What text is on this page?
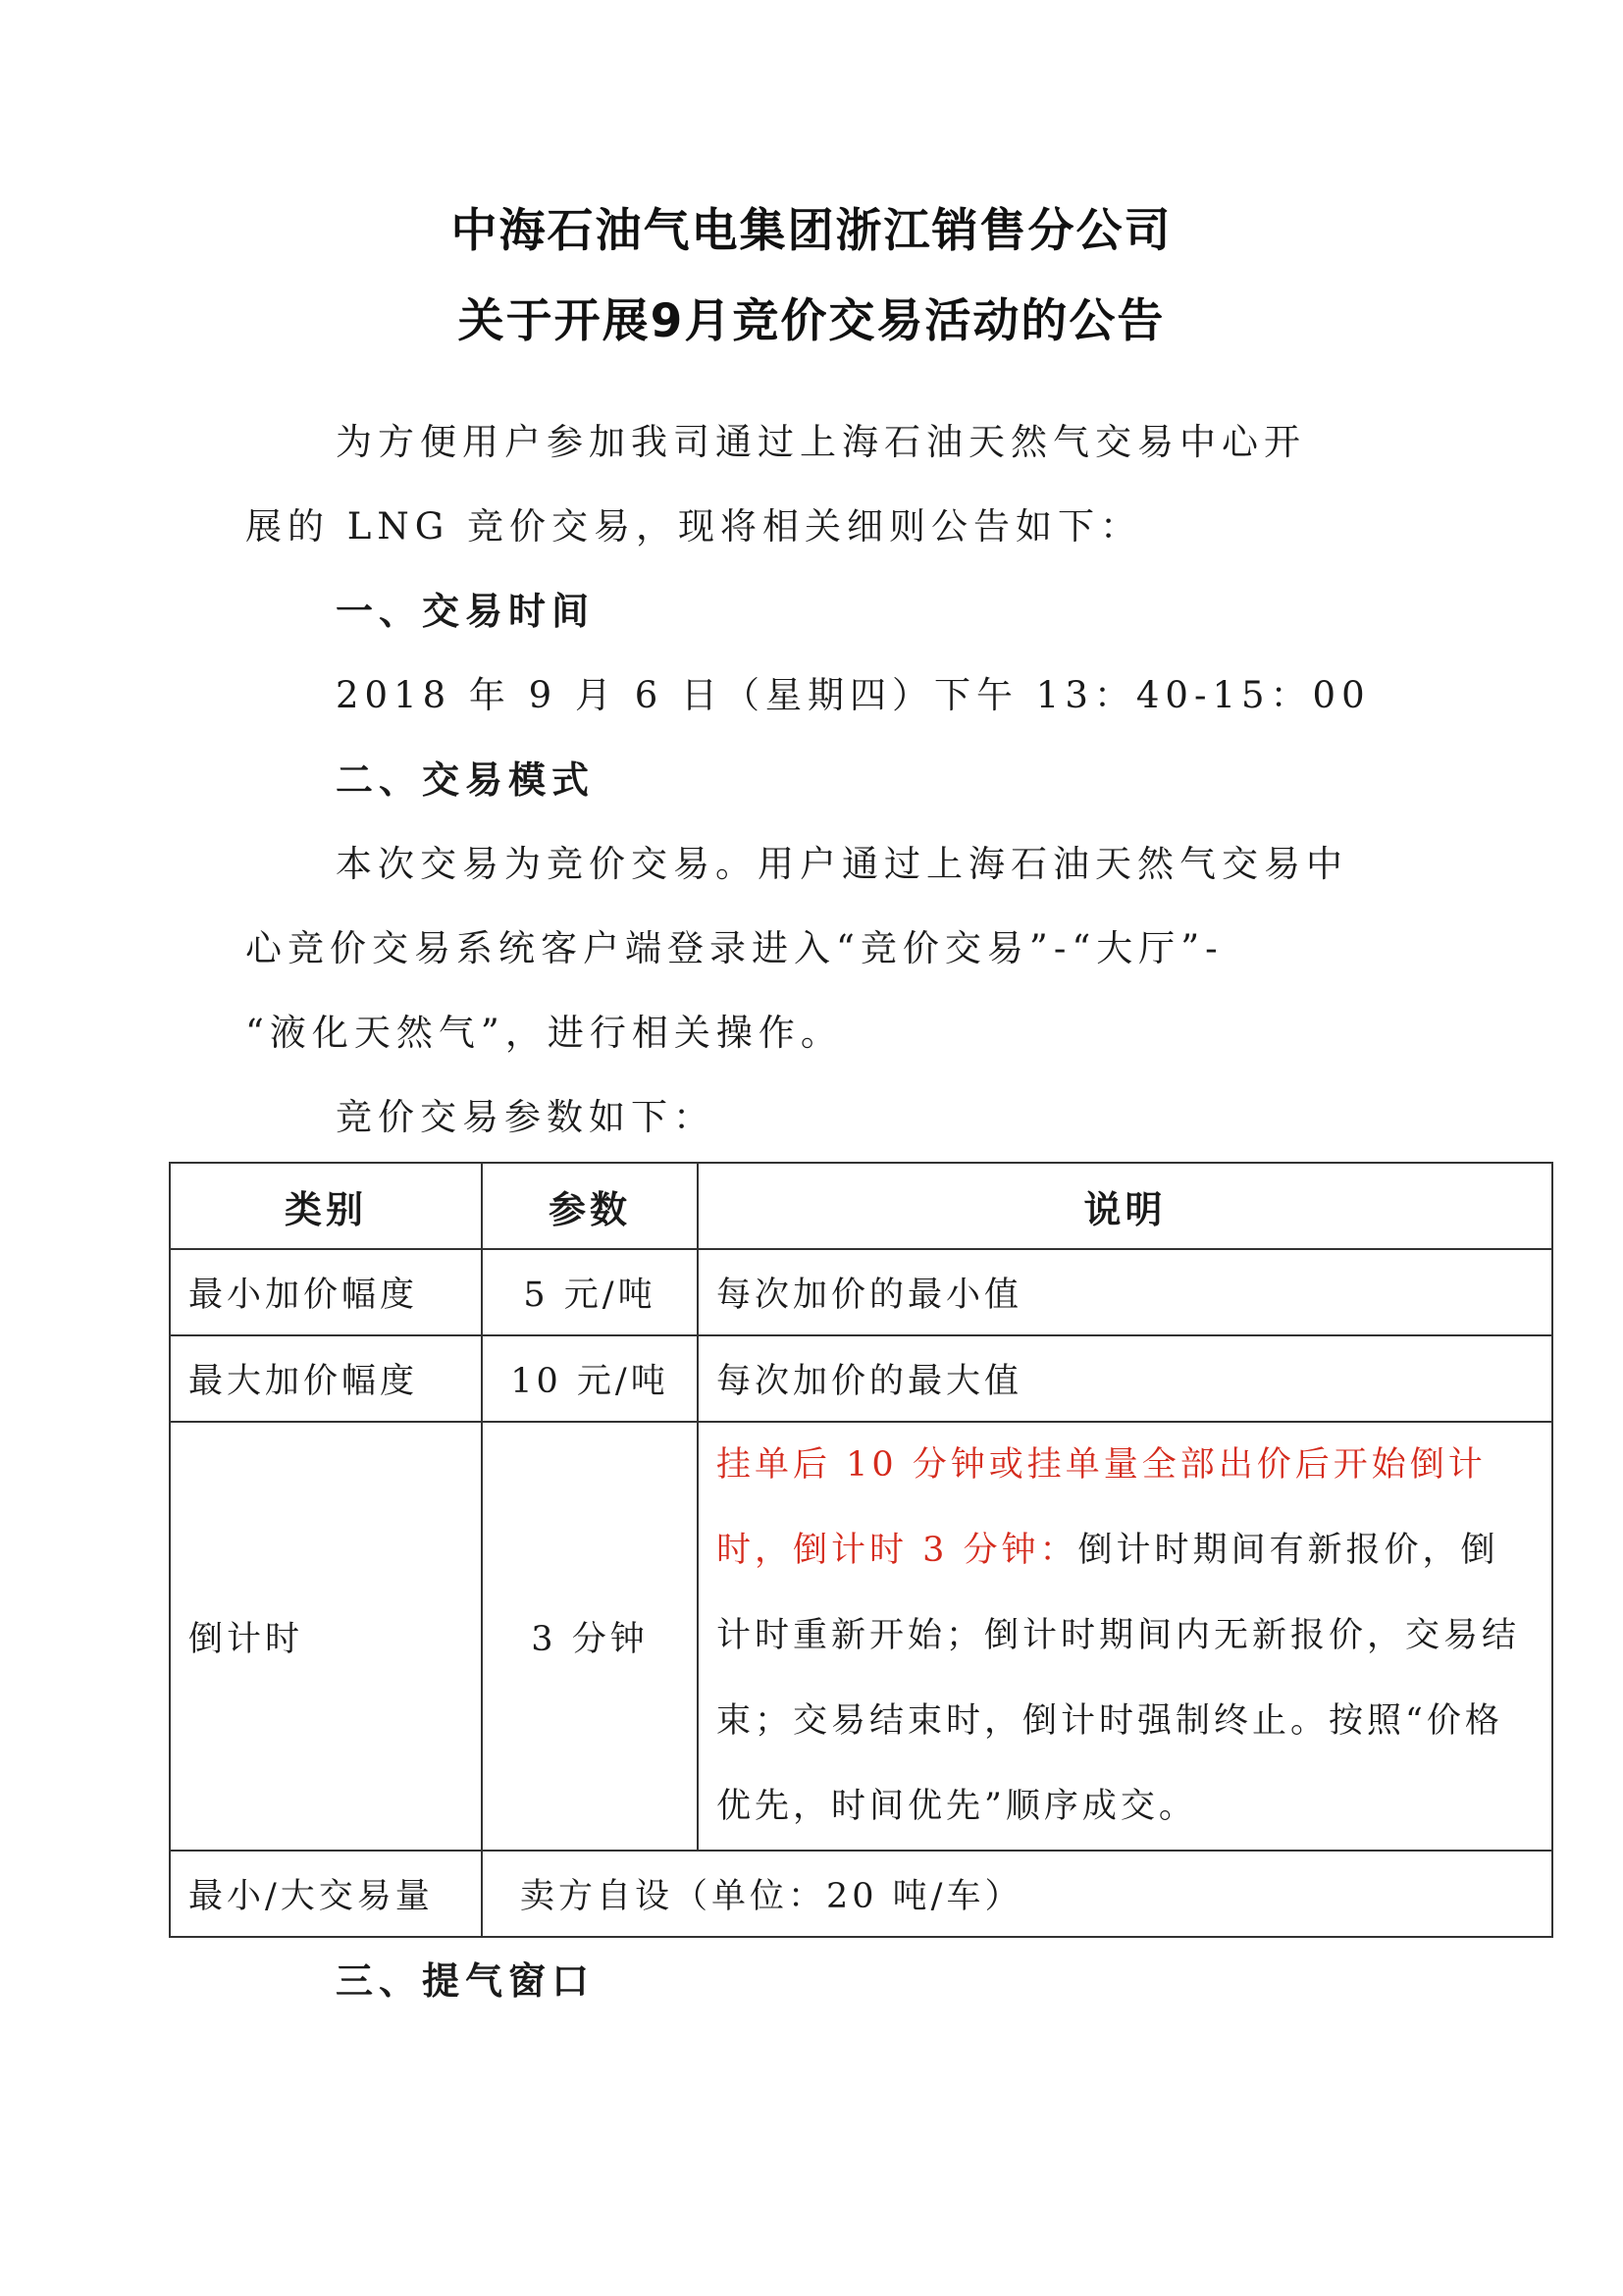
中海石油气电集团浙江销售分公司
关于开展9月竞价交易活动的公告
为方便用户参加我司通过上海石油天然气交易中心开
展的 LNG 竞价交易，现将相关细则公告如下：
一、交易时间
2018 年 9 月 6 日（星期四）下午 13：40-15：00
二、交易模式
本次交易为竞价交易。用户通过上海石油天然气交易中
心竞价交易系统客户端登录进入“竞价交易”-“大厅”-
“液化天然气”，进行相关操作。
竞价交易参数如下：
类别	参数	说明
最小加价幅度	5 元/吨	每次加价的最小值
最大加价幅度	10 元/吨	每次加价的最大值
倒计时	3 分钟	挂单后 10 分钟或挂单量全部出价后开始倒计时，倒计时 3 分钟：倒计时期间有新报价，倒计时重新开始；倒计时期间内无新报价，交易结束；交易结束时，倒计时强制终止。按照“价格优先，时间优先”顺序成交。
最小/大交易量	卖方自设（单位：20 吨/车）	
三、提气窗口
